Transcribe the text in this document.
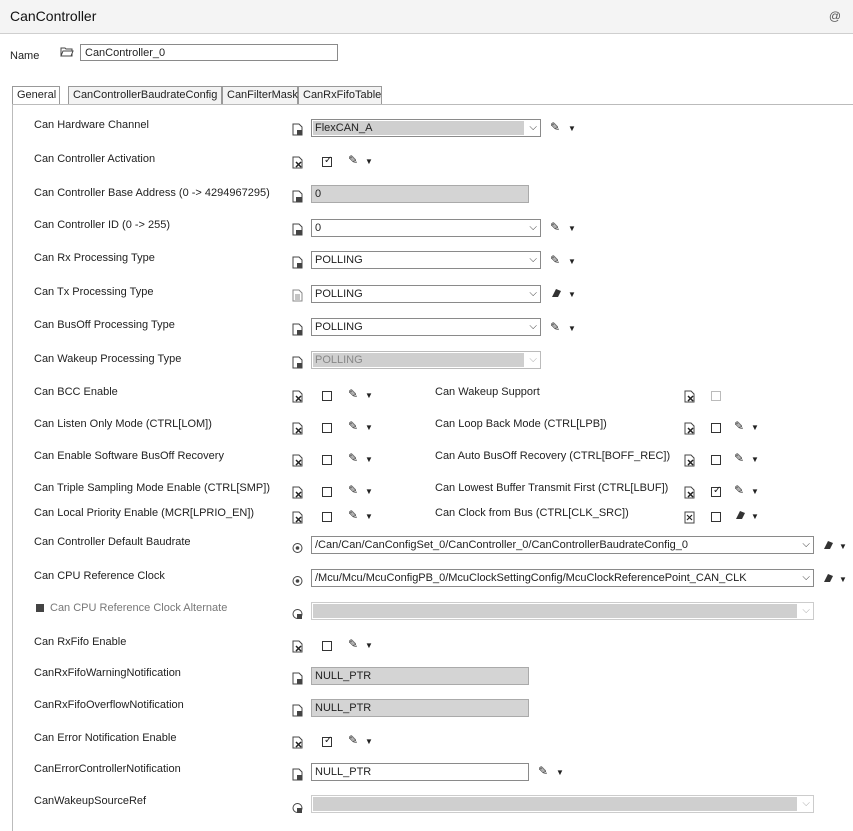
CanController	@
Name	CanController_0
General	CanControllerBaudrateConfig CanFilterMask CanRxFifoTable
Can Hardware Channel	FlexCAN_A	⌵ ✎ ▼
Can Controller Activation	✓ ✎ ▼
Can Controller Base Address (0 -> 4294967295)	0
Can Controller ID (0 -> 255)	0	⌵ ✎ ▼
Can Rx Processing Type	POLLING	⌵ ✎ ▼
Can Tx Processing Type	POLLING	⌵	▼
Can BusOff Processing Type	POLLING	⌵ ✎ ▼
Can Wakeup Processing Type	POLLING	⌵
Can BCC Enable	✎ ▼	Can Wakeup Support
Can Listen Only Mode (CTRL[LOM])	✎ ▼	Can Loop Back Mode (CTRL[LPB])	✎ ▼
Can Enable Software BusOff Recovery	✎ ▼	Can Auto BusOff Recovery (CTRL[BOFF_REC])	✎ ▼
Can Triple Sampling Mode Enable (CTRL[SMP])	✎ ▼	Can Lowest Buffer Transmit First (CTRL[LBUF])	✓ ✎ ▼
Can Local Priority Enable (MCR[LPRIO_EN])	✎ ▼	Can Clock from Bus (CTRL[CLK_SRC])	▼
Can Controller Default Baudrate	/Can/Can/CanConfigSet_0/CanController_0/CanControllerBaudrateConfig_0	⌵	▼
Can CPU Reference Clock	/Mcu/Mcu/McuConfigPB_0/McuClockSettingConfig/McuClockReferencePoint_CAN_CLK	⌵	▼
Can CPU Reference Clock Alternate	⌵
Can RxFifo Enable	✎ ▼
CanRxFifoWarningNotification	NULL_PTR
CanRxFifoOverflowNotification	NULL_PTR
Can Error Notification Enable	✓ ✎ ▼
CanErrorControllerNotification	NULL_PTR	✎ ▼
CanWakeupSourceRef	⌵
